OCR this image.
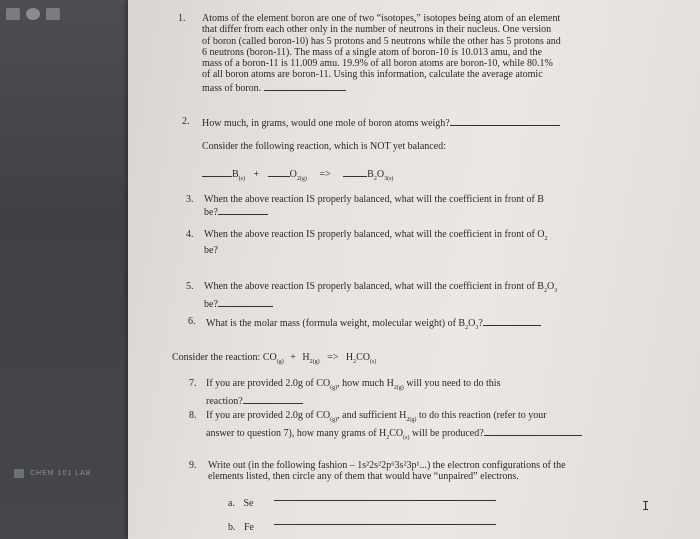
CHEM 101 LAB
1. Atoms of the element boron are one of two “isotopes,” isotopes being atom of an element
that differ from each other only in the number of neutrons in their nucleus. One version
of boron (called boron-10) has 5 protons and 5 neutrons while the other has 5 protons and
6 neutrons (boron-11). The mass of a single atom of boron-10 is 10.013 amu, and the
mass of a boron-11 is 11.009 amu. 19.9% of all boron atoms are boron-10, while 80.1%
of all boron atoms are boron-11. Using this information, calculate the average atomic
mass of boron.
2. How much, in grams, would one mole of boron atoms weigh?
Consider the following reaction, which is NOT yet balanced:
$B_{(s)}$ +	$O_{2(g)}$ =>	$B_2O_{3(s)}$
3. When the above reaction IS properly balanced, what will the coefficient in front of B
be?
4. When the above reaction IS properly balanced, what will the coefficient in front of $O_2$
be?
5. When the above reaction IS properly balanced, what will the coefficient in front of $B_2O_3$
be?
6. What is the molar mass (formula weight, molecular weight) of $B_2O_3$?
Consider the reaction: $CO_{(g)} + H_{2(g)} => H_2CO_{(s)}$
7. If you are provided 2.0g of $CO_{(g)}$, how much $H_{2(g)}$ will you need to do this
reaction?
8. If you are provided 2.0g of $CO_{(g)}$, and sufficient $H_{2(g)}$ to do this reaction (refer to your
answer to question 7), how many grams of $H_2CO_{(s)}$ will be produced?
9. Write out (in the following fashion – 1s²2s²2p⁶3s²3p¹...) the electron configurations of the
elements listed, then circle any of them that would have “unpaired” electrons.
a. Se
b. Fe
I
